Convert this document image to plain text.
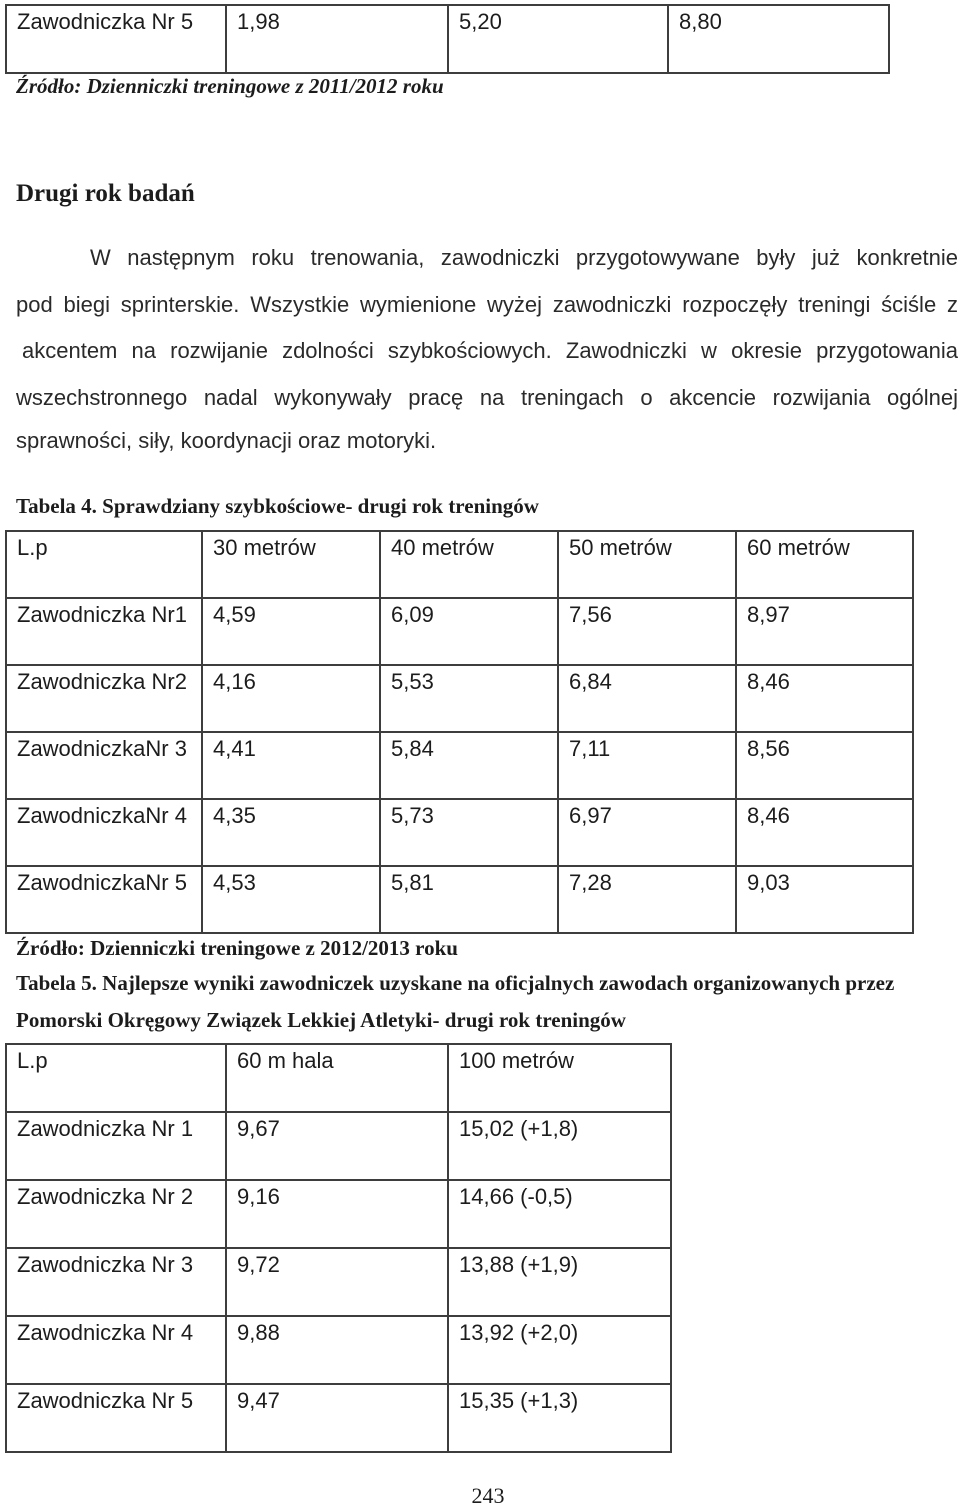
Zawodniczka Nr 5	1,98	5,20	8,80

Źródło: Dzienniczki treningowe z 2011/2012 roku

Drugi rok badań
W następnym roku trenowania, zawodniczki przygotowywane były już konkretnie
pod biegi sprinterskie. Wszystkie wymienione wyżej zawodniczki rozpoczęły treningi ściśle z
akcentem na rozwijanie zdolności szybkościowych. Zawodniczki w okresie przygotowania
wszechstronnego nadal wykonywały pracę na treningach o akcencie rozwijania ogólnej
sprawności, siły, koordynacji oraz motoryki.

Tabela 4. Sprawdziany szybkościowe- drugi rok treningów

L.p	30 metrów	40 metrów	50 metrów	60 metrów
Zawodniczka Nr1	4,59	6,09	7,56	8,97
Zawodniczka Nr2	4,16	5,53	6,84	8,46
ZawodniczkaNr 3	4,41	5,84	7,11	8,56
ZawodniczkaNr 4	4,35	5,73	6,97	8,46
ZawodniczkaNr 5	4,53	5,81	7,28	9,03

Źródło: Dzienniczki treningowe z 2012/2013 roku

Tabela 5. Najlepsze wyniki zawodniczek uzyskane na oficjalnych zawodach organizowanych przez

Pomorski Okręgowy Związek Lekkiej Atletyki- drugi rok treningów

L.p	60 m hala	100 metrów
Zawodniczka Nr 1	9,67	15,02 (+1,8)
Zawodniczka Nr 2	9,16	14,66 (-0,5)
Zawodniczka Nr 3	9,72	13,88 (+1,9)
Zawodniczka Nr 4	9,88	13,92 (+2,0)
Zawodniczka Nr 5	9,47	15,35 (+1,3)
243
